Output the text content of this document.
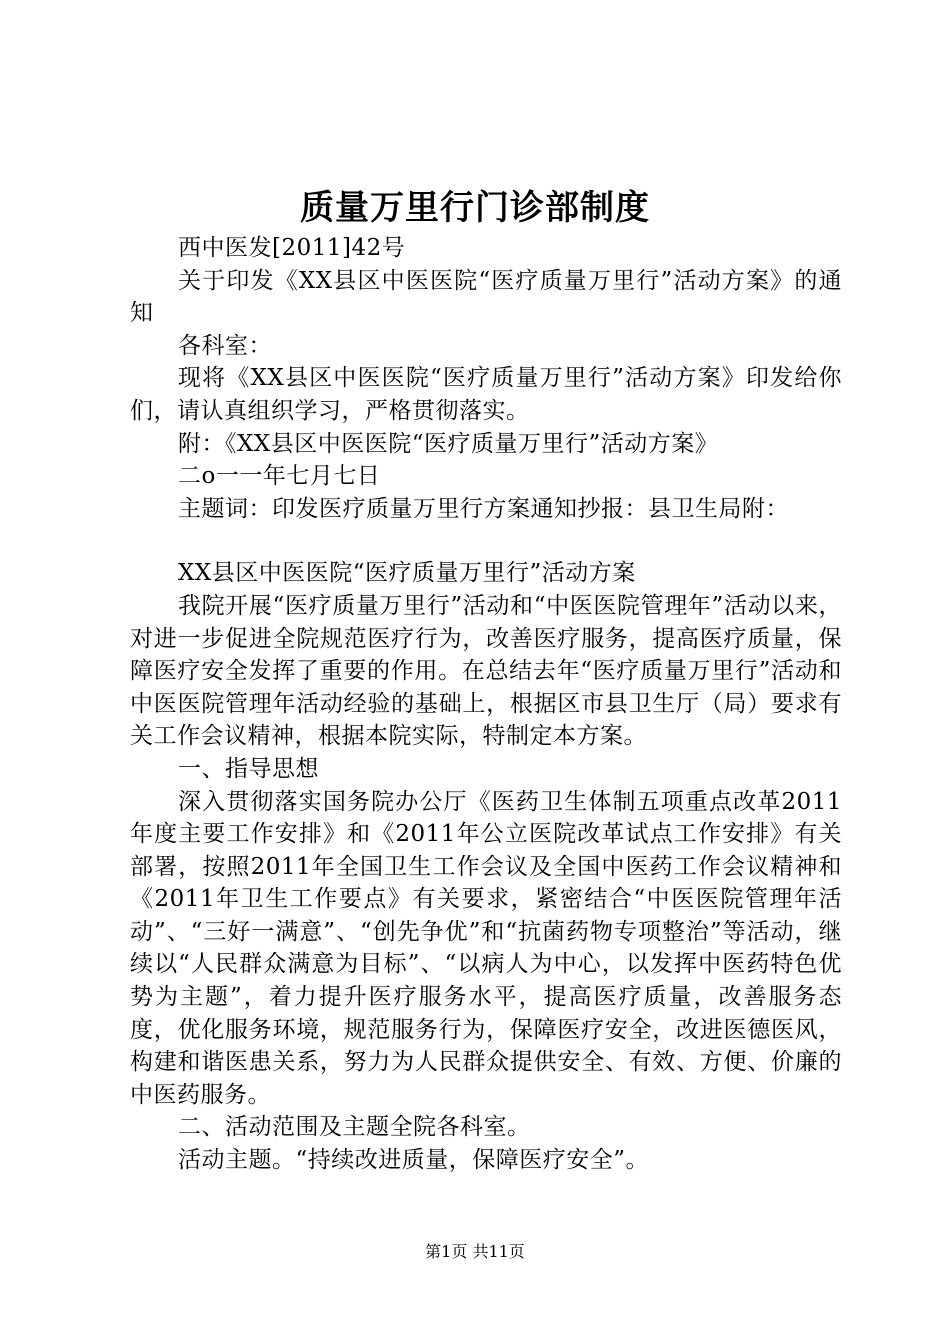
质量万里行门诊部制度

西中医发[2011]42号

关于印发《XX县区中医医院“医疗质量万里行”活动方案》的通知

各科室：

现将《XX县区中医医院“医疗质量万里行”活动方案》印发给你们，请认真组织学习，严格贯彻落实。

附：《XX县区中医医院“医疗质量万里行”活动方案》

二o一一年七月七日

主题词：印发医疗质量万里行方案通知抄报：县卫生局附：

XX县区中医医院“医疗质量万里行”活动方案

我院开展“医疗质量万里行”活动和“中医医院管理年”活动以来，对进一步促进全院规范医疗行为，改善医疗服务，提高医疗质量，保障医疗安全发挥了重要的作用。在总结去年“医疗质量万里行”活动和中医医院管理年活动经验的基础上，根据区市县卫生厅（局）要求有关工作会议精神，根据本院实际，特制定本方案。

一、指导思想

深入贯彻落实国务院办公厅《医药卫生体制五项重点改革2011年度主要工作安排》和《2011年公立医院改革试点工作安排》有关部署，按照2011年全国卫生工作会议及全国中医药工作会议精神和《2011年卫生工作要点》有关要求，紧密结合“中医医院管理年活动”、“三好一满意”、“创先争优”和“抗菌药物专项整治”等活动，继续以“人民群众满意为目标”、“以病人为中心，以发挥中医药特色优势为主题”，着力提升医疗服务水平，提高医疗质量，改善服务态度，优化服务环境，规范服务行为，保障医疗安全，改进医德医风，构建和谐医患关系，努力为人民群众提供安全、有效、方便、价廉的中医药服务。

二、活动范围及主题全院各科室。

活动主题。“持续改进质量，保障医疗安全”。

第1页 共11页
